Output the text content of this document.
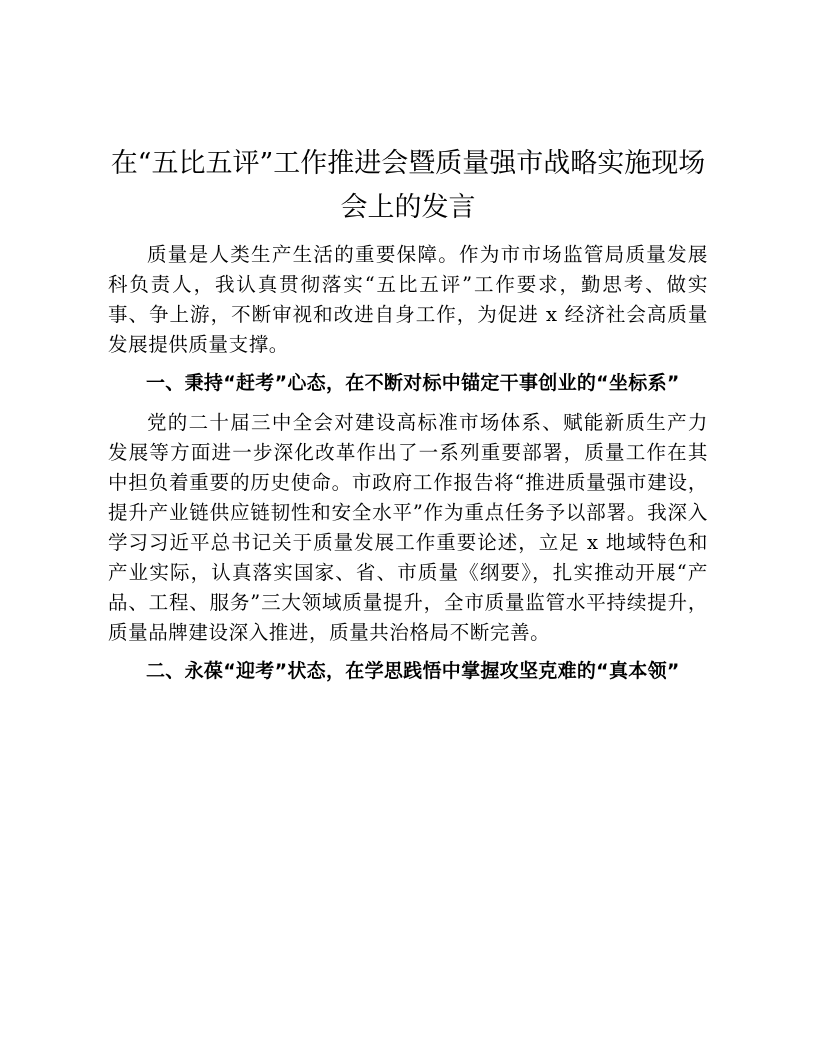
在“五比五评”工作推进会暨质量强市战略实施现场会上的发言

质量是人类生产生活的重要保障。作为市市场监管局质量发展科负责人，我认真贯彻落实“五比五评”工作要求，勤思考、做实事、争上游，不断审视和改进自身工作，为促进 x 经济社会高质量发展提供质量支撑。

一、秉持“赶考”心态，在不断对标中锚定干事创业的“坐标系”

党的二十届三中全会对建设高标准市场体系、赋能新质生产力发展等方面进一步深化改革作出了一系列重要部署，质量工作在其中担负着重要的历史使命。市政府工作报告将“推进质量强市建设，提升产业链供应链韧性和安全水平”作为重点任务予以部署。我深入学习习近平总书记关于质量发展工作重要论述，立足 x 地域特色和产业实际，认真落实国家、省、市质量《纲要》，扎实推动开展“产品、工程、服务”三大领域质量提升，全市质量监管水平持续提升，质量品牌建设深入推进，质量共治格局不断完善。

二、永葆“迎考”状态，在学思践悟中掌握攻坚克难的“真本领”
